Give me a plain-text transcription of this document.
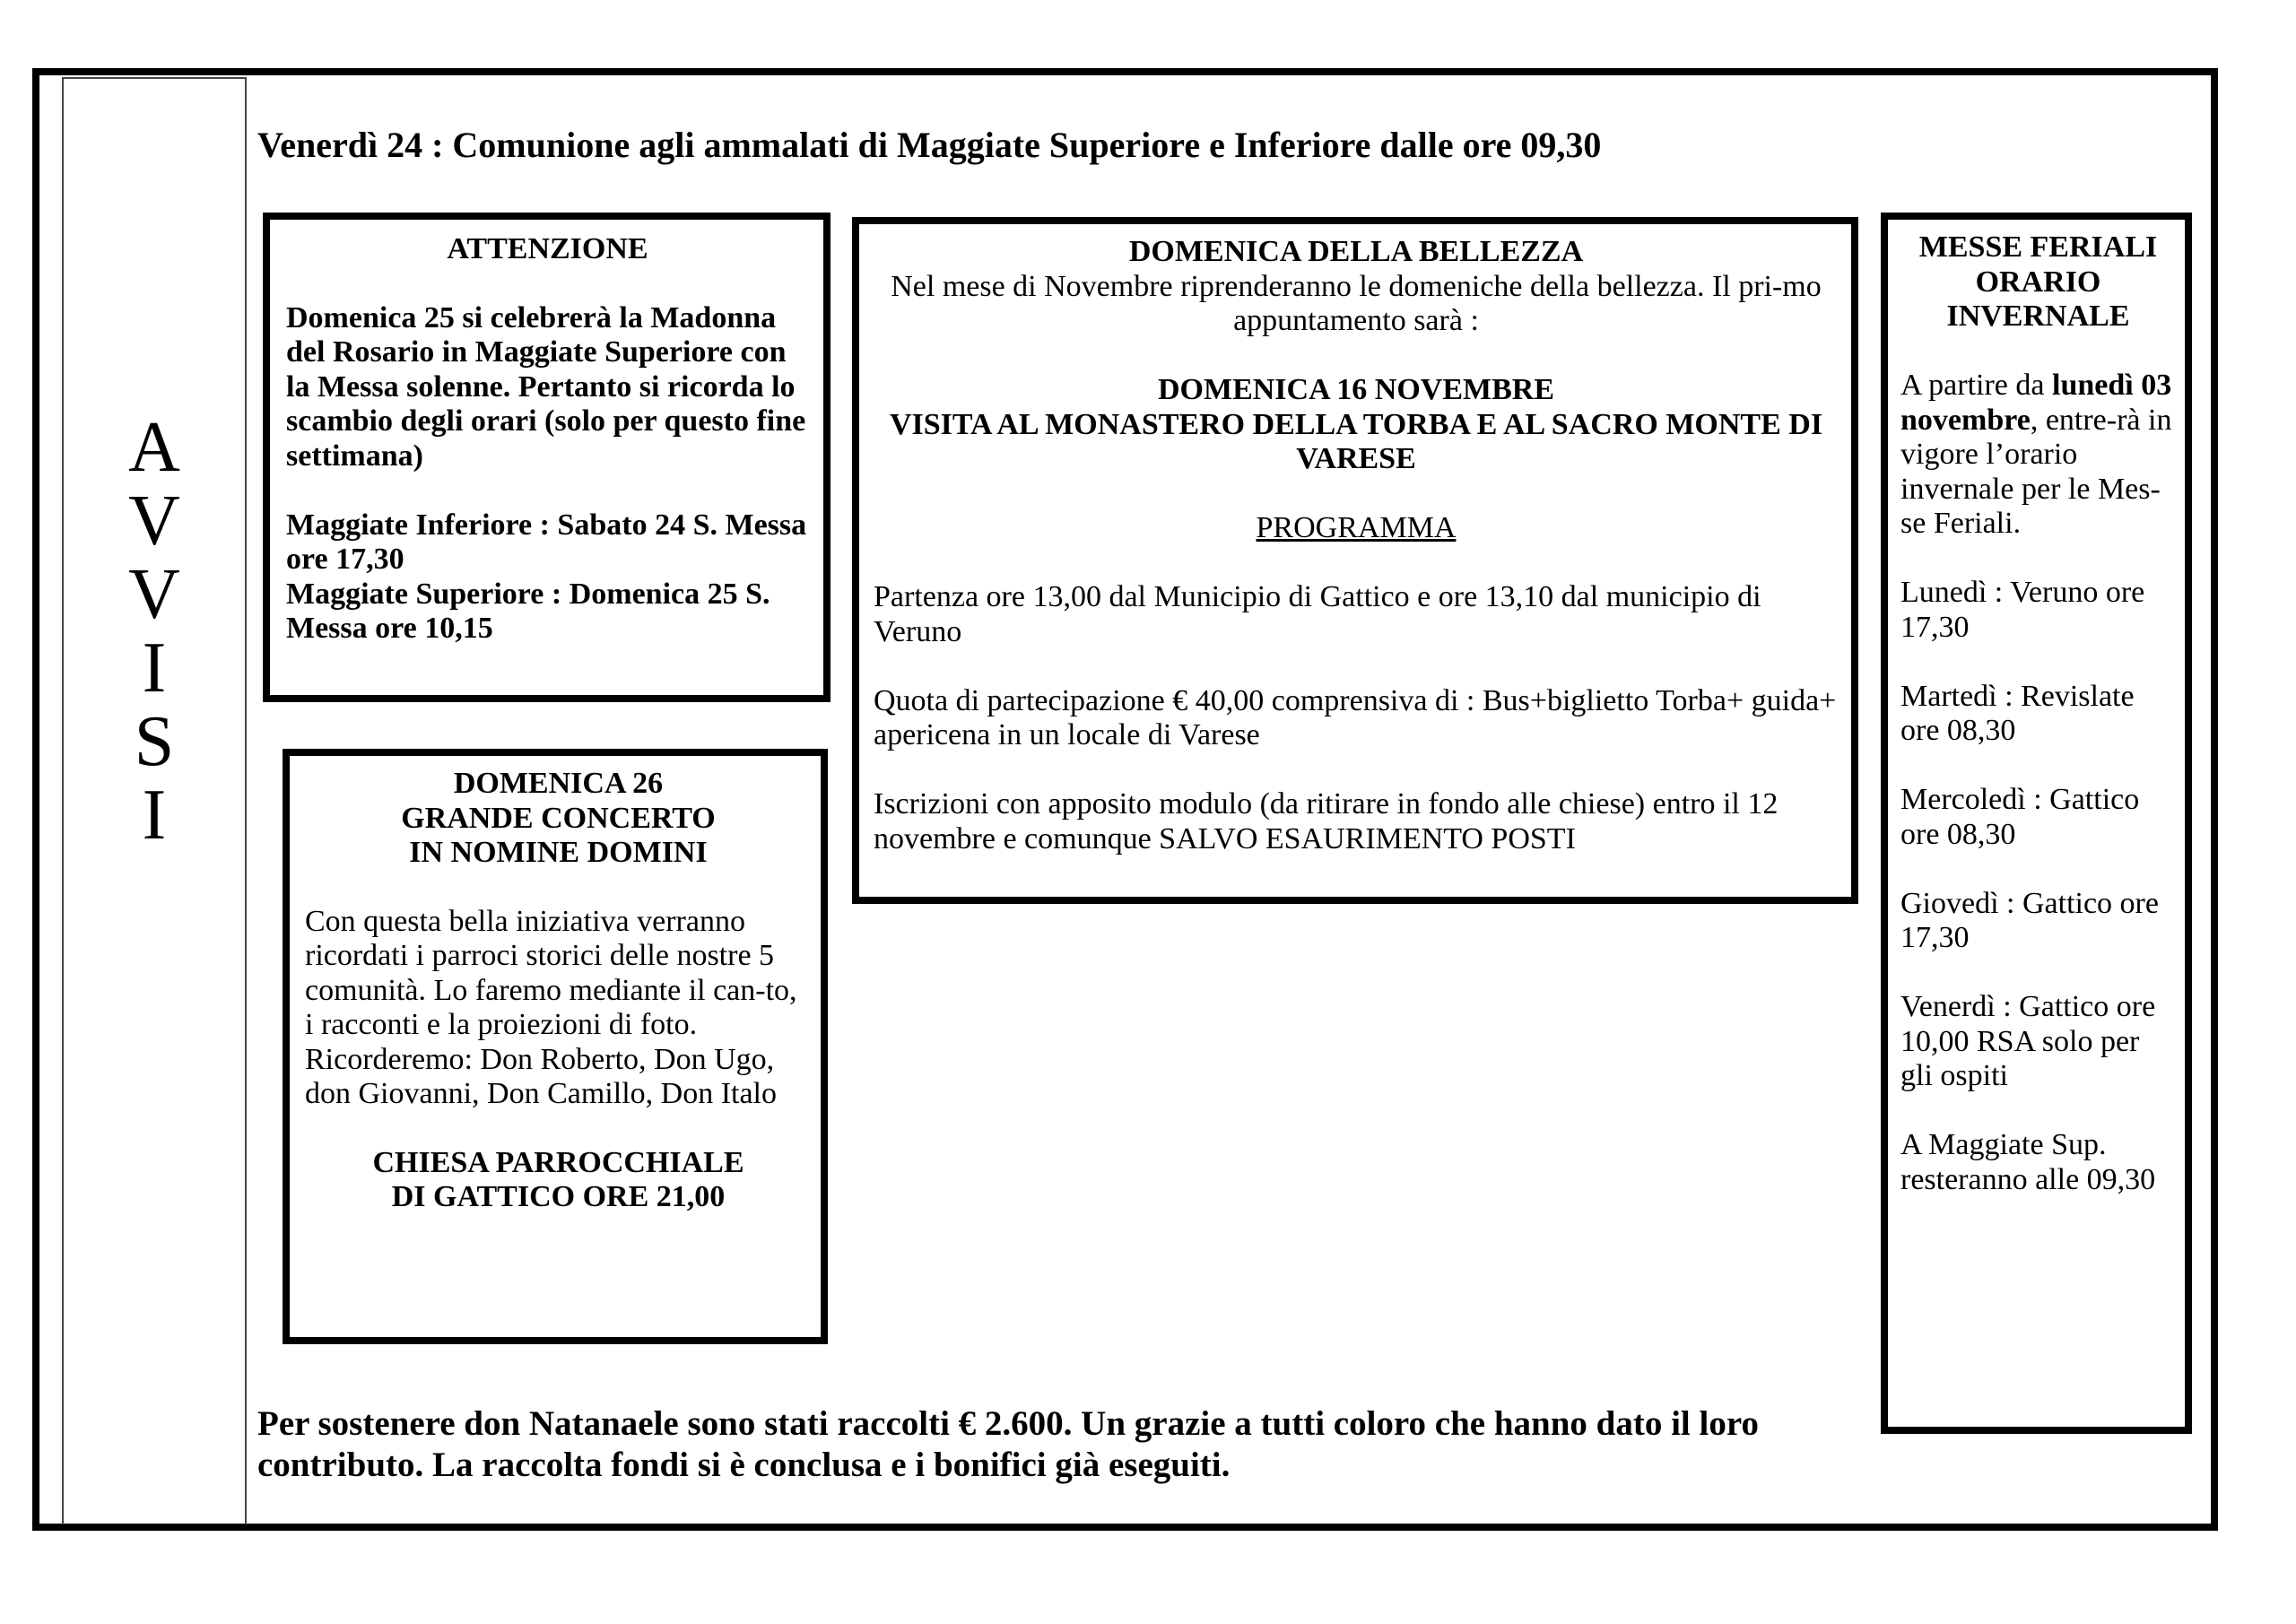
A
V
V
I
S
I
Venerdì 24 : Comunione agli ammalati di Maggiate Superiore e Inferiore dalle ore 09,30

ATTENZIONE

Domenica 25 si celebrerà la Madonna del Rosario in Maggiate Superiore con la Messa solenne. Pertanto si ricorda lo scambio degli orari (solo per questo fine settimana)

Maggiate Inferiore : Sabato 24 S. Messa ore 17,30

Maggiate Superiore : Domenica 25 S. Messa ore 10,15

DOMENICA 26

GRANDE CONCERTO

IN NOMINE DOMINI

Con questa bella iniziativa verranno ricordati i parroci storici delle nostre 5 comunità. Lo faremo mediante il can-to, i racconti e la proiezioni di foto. Ricorderemo: Don Roberto, Don Ugo, don Giovanni, Don Camillo, Don Italo

CHIESA PARROCCHIALE

DI GATTICO ORE 21,00

DOMENICA DELLA BELLEZZA

Nel mese di Novembre riprenderanno le domeniche della bellezza. Il pri-mo appuntamento sarà :

DOMENICA 16 NOVEMBRE

VISITA AL MONASTERO DELLA TORBA E AL SACRO MONTE DI VARESE

PROGRAMMA

Partenza ore 13,00 dal Municipio di Gattico e ore 13,10 dal municipio di Veruno

Quota di partecipazione € 40,00 comprensiva di : Bus+biglietto Torba+ guida+ apericena in un locale di Varese

Iscrizioni con apposito modulo (da ritirare in fondo alle chiese) entro il 12 novembre e comunque SALVO ESAURIMENTO POSTI

MESSE FERIALI

ORARIO

INVERNALE

A partire da lunedì 03 novembre, entre-rà in vigore l’orario invernale per le Mes-se Feriali.

Lunedì : Veruno ore 17,30

Martedì : Revislate ore 08,30

Mercoledì : Gattico ore 08,30

Giovedì : Gattico ore 17,30

Venerdì : Gattico ore 10,00 RSA solo per gli ospiti

A Maggiate Sup. resteranno alle 09,30

Per sostenere don Natanaele sono stati raccolti € 2.600. Un grazie a tutti coloro che hanno dato il loro contributo. La raccolta fondi si è conclusa e i bonifici già eseguiti.
